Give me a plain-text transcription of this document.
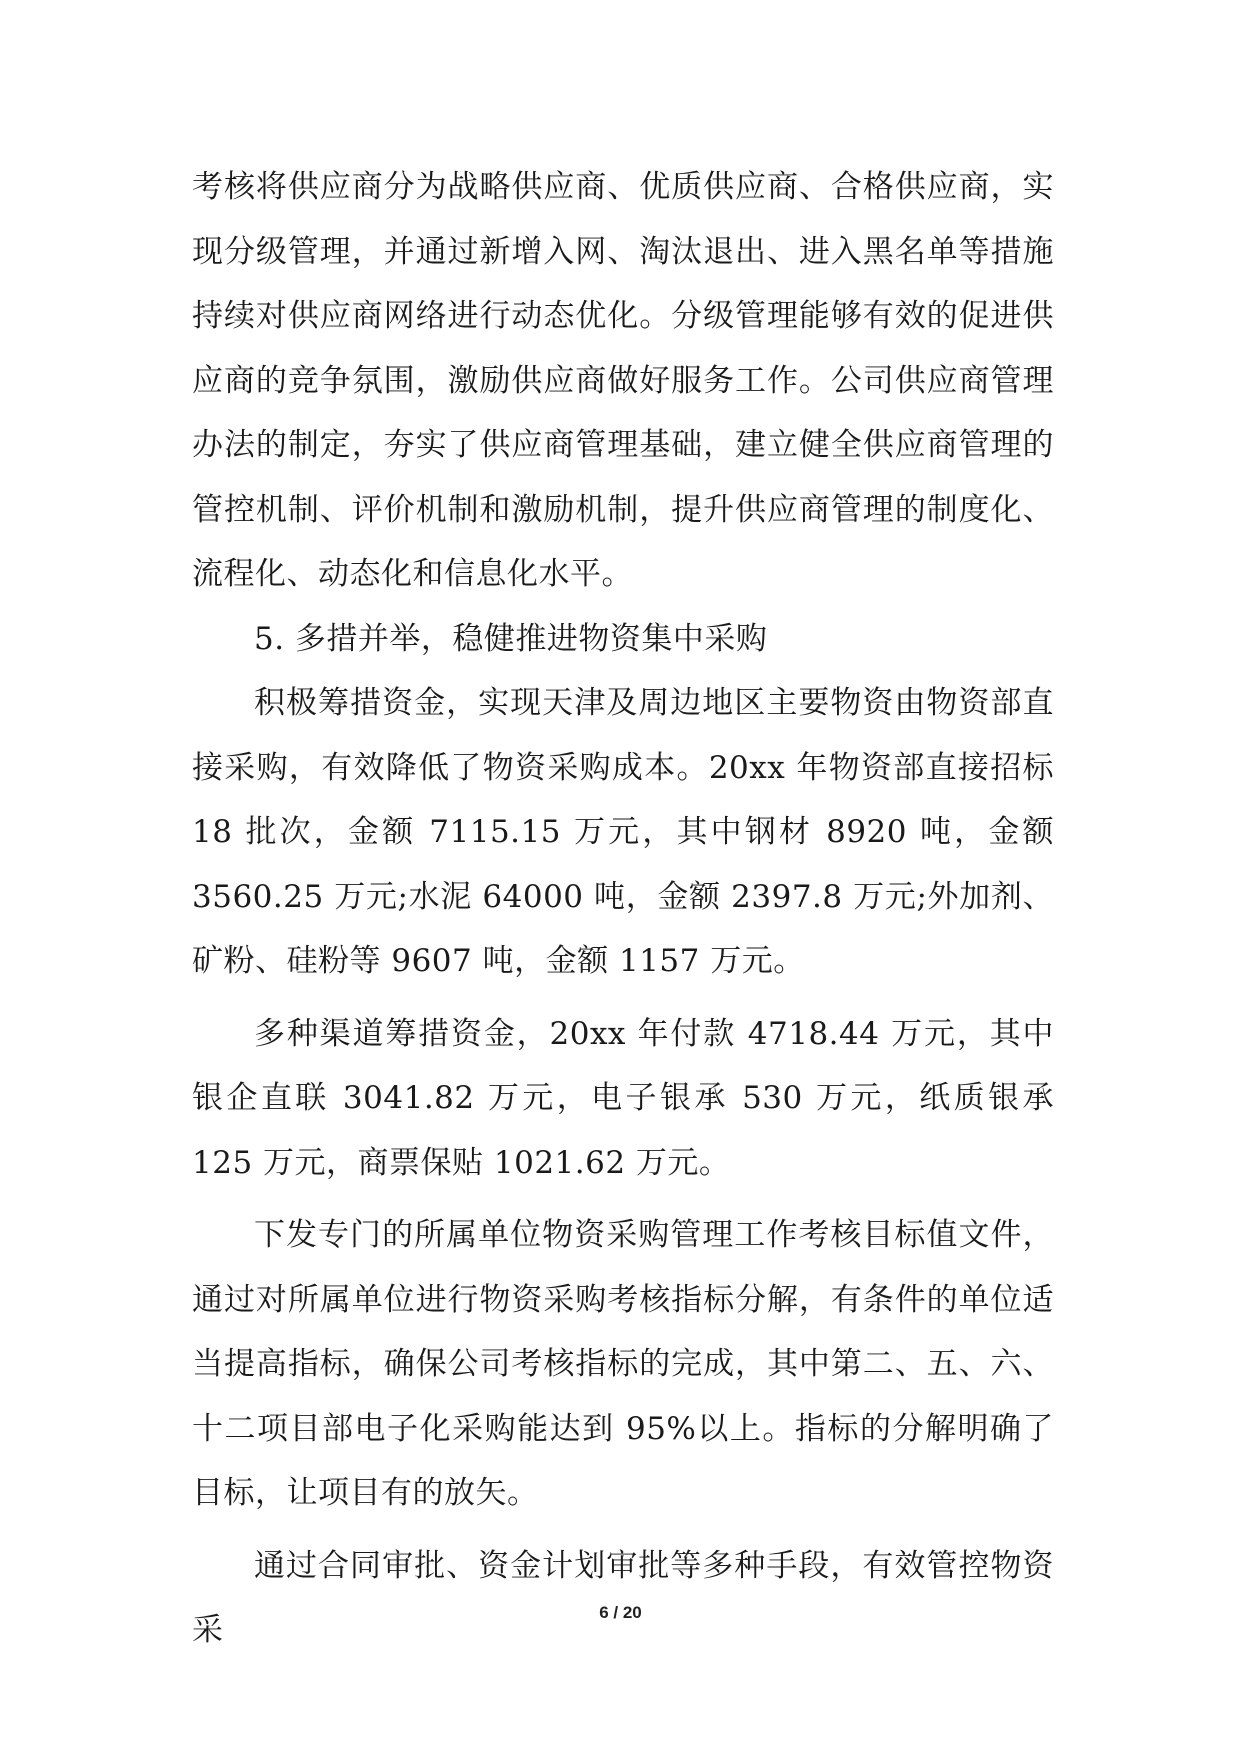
考核将供应商分为战略供应商、优质供应商、合格供应商，实现分级管理，并通过新增入网、淘汰退出、进入黑名单等措施持续对供应商网络进行动态优化。分级管理能够有效的促进供应商的竞争氛围，激励供应商做好服务工作。公司供应商管理办法的制定，夯实了供应商管理基础，建立健全供应商管理的管控机制、评价机制和激励机制，提升供应商管理的制度化、流程化、动态化和信息化水平。

5. 多措并举，稳健推进物资集中采购

积极筹措资金，实现天津及周边地区主要物资由物资部直接采购，有效降低了物资采购成本。20xx 年物资部直接招标 18 批次，金额 7115.15 万元，其中钢材 8920 吨，金额 3560.25 万元;水泥 64000 吨，金额 2397.8 万元;外加剂、矿粉、硅粉等 9607 吨，金额 1157 万元。

多种渠道筹措资金，20xx 年付款 4718.44 万元，其中银企直联 3041.82 万元，电子银承 530 万元，纸质银承 125 万元，商票保贴 1021.62 万元。

下发专门的所属单位物资采购管理工作考核目标值文件，通过对所属单位进行物资采购考核指标分解，有条件的单位适当提高指标，确保公司考核指标的完成，其中第二、五、六、十二项目部电子化采购能达到 95%以上。指标的分解明确了目标，让项目有的放矢。

通过合同审批、资金计划审批等多种手段，有效管控物资采	6 / 20
